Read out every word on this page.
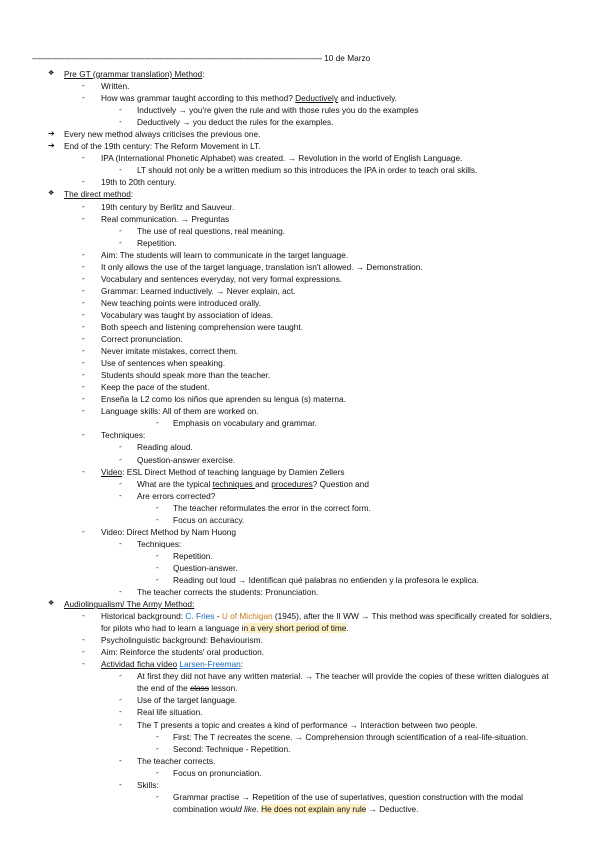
-------------------------------------------------------------------------------------------------------------------------------------- 10 de Marzo
❖ Pre GT (grammar translation) Method:
- Written.
- How was grammar taught according to this method? Deductively and inductively.
- Inductively → you're given the rule and with those rules you do the examples
- Deductively → you deduct the rules for the examples.
➔ Every new method always criticises the previous one.
➔ End of the 19th century: The Reform Movement in LT.
- IPA (International Phonetic Alphabet) was created. → Revolution in the world of English Language.
- LT should not only be a written medium so this introduces the IPA in order to teach oral skills.
- 19th to 20th century.
❖ The direct method:
- 19th century by Berlitz and Sauveur.
- Real communication. → Preguntas
- The use of real questions, real meaning.
- Repetition.
- Aim: The students will learn to communicate in the target language.
- It only allows the use of the target language, translation isn't allowed. → Demonstration.
- Vocabulary and sentences everyday, not very formal expressions.
- Grammar: Learned inductively. → Never explain, act.
- New teaching points were introduced orally.
- Vocabulary was taught by association of ideas.
- Both speech and listening comprehension were taught.
- Correct pronunciation.
- Never imitate mistakes, correct them.
- Use of sentences when speaking.
- Students should speak more than the teacher.
- Keep the pace of the student.
- Enseña la L2 como los niños que aprenden su lengua (s) materna.
- Language skills: All of them are worked on.
- Emphasis on vocabulary and grammar.
- Techniques:
- Reading aloud.
- Question-answer exercise.
- Video: ESL Direct Method of teaching language by Damien Zellers
- What are the typical techniques and procedures? Question and
- Are errors corrected?
- The teacher reformulates the error in the correct form.
- Focus on accuracy.
- Video: Direct Method by Nam Huong
- Techniques:
- Repetition.
- Question-answer.
- Reading out loud → Identifican qué palabras no entienden y la profesora le explica.
- The teacher corrects the students: Pronunciation.
❖ Audiolingualism/ The Army Method:
- Historical background: C. Fries - U of Michigan (1945), after the II WW → This method was specifically created for soldiers, for pilots who had to learn a language in a very short period of time.
- Psycholinguistic background: Behaviourism.
- Aim: Reinforce the students' oral production.
- Actividad ficha vídeo Larsen-Freeman:
- At first they did not have any written material. → The teacher will provide the copies of these written dialogues at the end of the class lesson.
- Use of the target language.
- Real life situation.
- The T presents a topic and creates a kind of performance → Interaction between two people.
- First: The T recreates the scene. → Comprehension through scientification of a real-life-situation.
- Second: Technique - Repetition.
- The teacher corrects.
- Focus on pronunciation.
- Skills:
- Grammar practise → Repetition of the use of superlatives, question construction with the modal combination would like. He does not explain any rule → Deductive.
